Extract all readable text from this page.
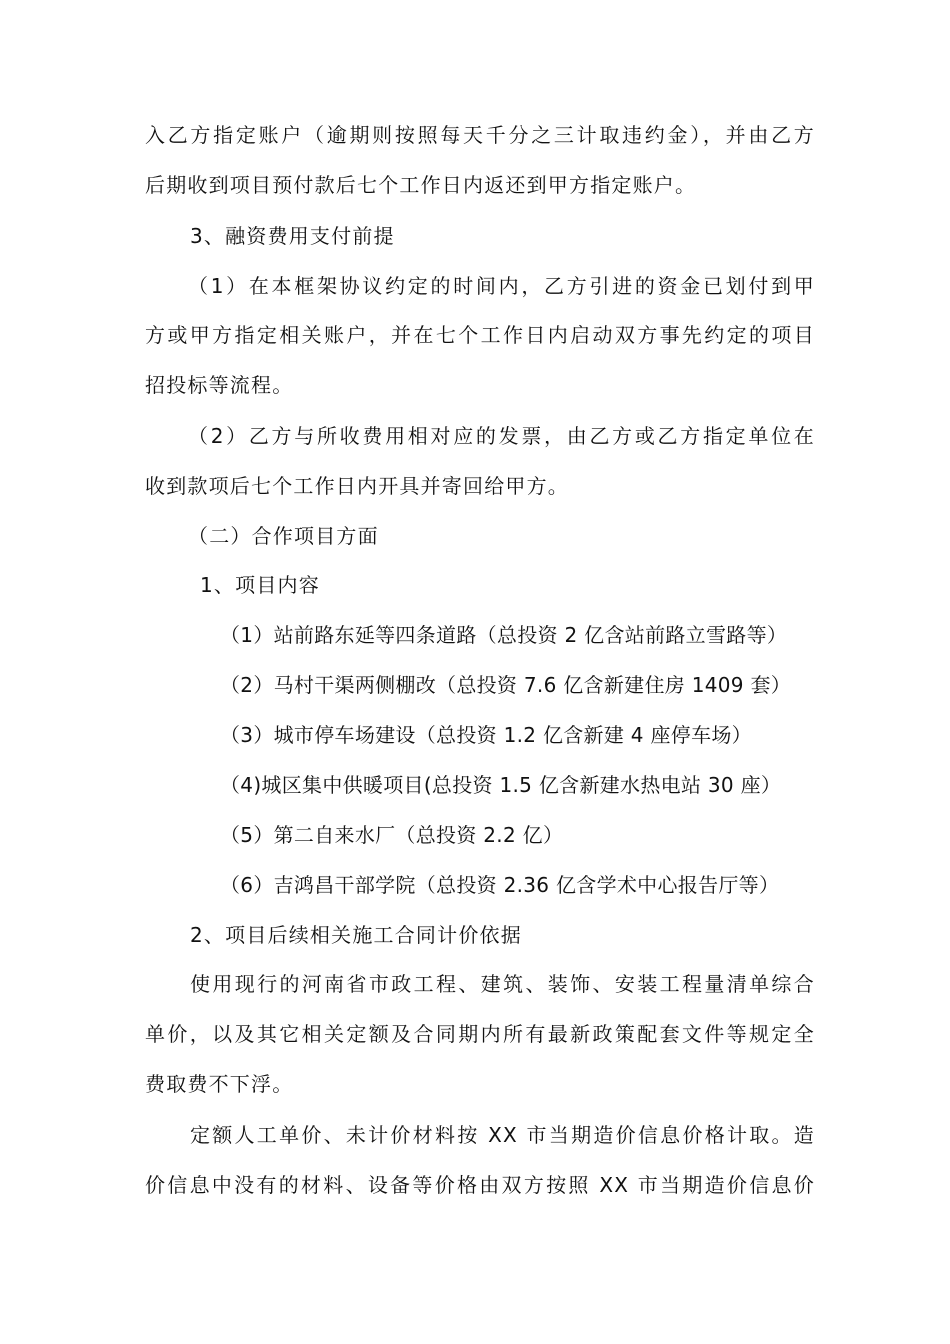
入乙方指定账户（逾期则按照每天千分之三计取违约金），并由乙方
后期收到项目预付款后七个工作日内返还到甲方指定账户。
3、融资费用支付前提
（1）在本框架协议约定的时间内，乙方引进的资金已划付到甲
方或甲方指定相关账户，并在七个工作日内启动双方事先约定的项目
招投标等流程。
（2）乙方与所收费用相对应的发票，由乙方或乙方指定单位在
收到款项后七个工作日内开具并寄回给甲方。
（二）合作项目方面
1、项目内容
（1）站前路东延等四条道路（总投资 2 亿含站前路立雪路等）
（2）马村干渠两侧棚改（总投资 7.6 亿含新建住房 1409 套）
（3）城市停车场建设（总投资 1.2 亿含新建 4 座停车场）
（4)城区集中供暖项目(总投资 1.5 亿含新建水热电站 30 座）
（5）第二自来水厂（总投资 2.2 亿）
（6）吉鸿昌干部学院（总投资 2.36 亿含学术中心报告厅等）
2、项目后续相关施工合同计价依据
使用现行的河南省市政工程、建筑、装饰、安装工程量清单综合
单价，以及其它相关定额及合同期内所有最新政策配套文件等规定全
费取费不下浮。
定额人工单价、未计价材料按 XX 市当期造价信息价格计取。造
价信息中没有的材料、设备等价格由双方按照 XX 市当期造价信息价
